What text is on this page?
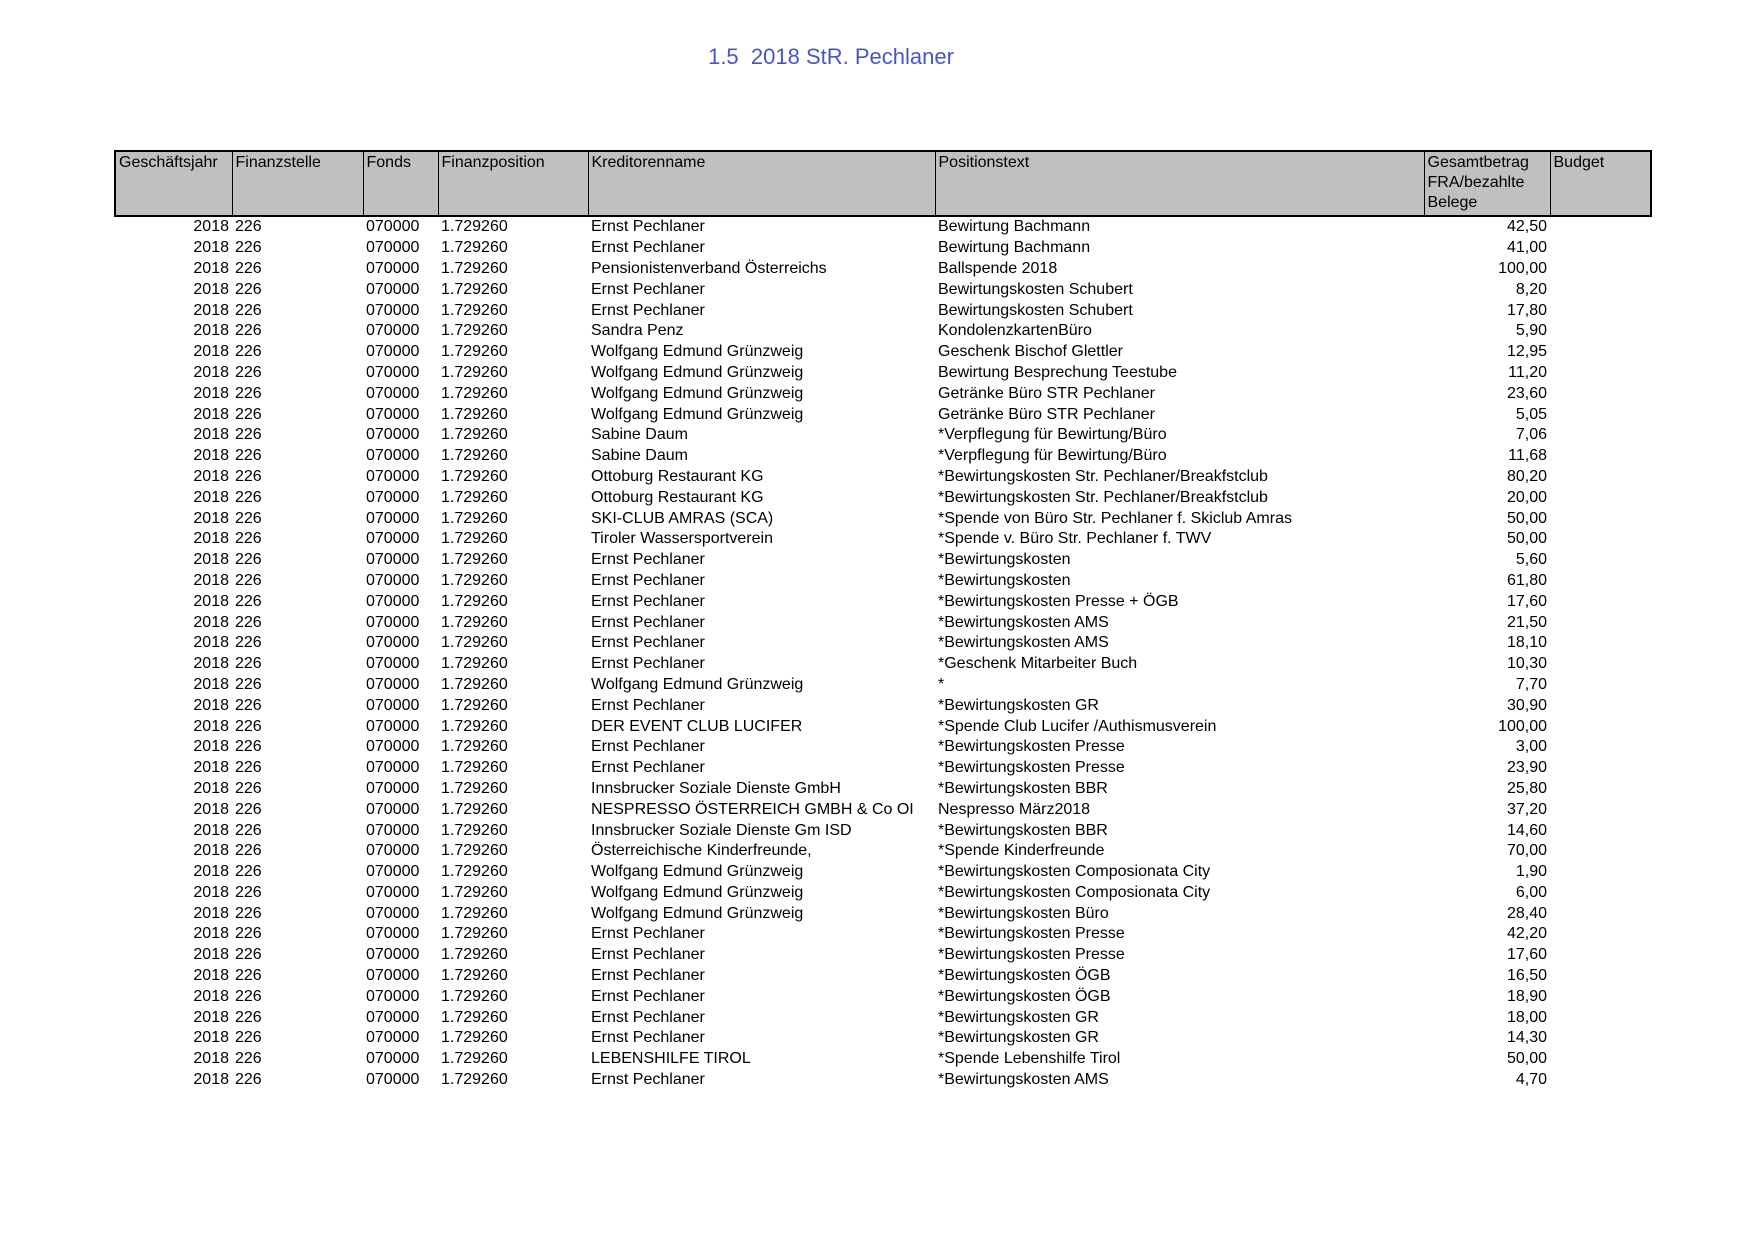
1.5  2018 StR. Pechlaner
Geschäftsjahr	Finanzstelle	Fonds	Finanzposition	Kreditorenname	Positionstext	Gesamtbetrag FRA/bezahlte Belege	Budget
2018	226	070000	1.729260	Ernst Pechlaner	Bewirtung Bachmann	42,50	
2018	226	070000	1.729260	Ernst Pechlaner	Bewirtung Bachmann	41,00	
2018	226	070000	1.729260	Pensionistenverband Österreichs	Ballspende 2018	100,00	
2018	226	070000	1.729260	Ernst Pechlaner	Bewirtungskosten Schubert	8,20	
2018	226	070000	1.729260	Ernst Pechlaner	Bewirtungskosten Schubert	17,80	
2018	226	070000	1.729260	Sandra Penz	KondolenzkartenBüro	5,90	
2018	226	070000	1.729260	Wolfgang Edmund Grünzweig	Geschenk Bischof Glettler	12,95	
2018	226	070000	1.729260	Wolfgang Edmund Grünzweig	Bewirtung Besprechung Teestube	11,20	
2018	226	070000	1.729260	Wolfgang Edmund Grünzweig	Getränke Büro STR Pechlaner	23,60	
2018	226	070000	1.729260	Wolfgang Edmund Grünzweig	Getränke Büro STR Pechlaner	5,05	
2018	226	070000	1.729260	Sabine Daum	*Verpflegung für Bewirtung/Büro	7,06	
2018	226	070000	1.729260	Sabine Daum	*Verpflegung für Bewirtung/Büro	11,68	
2018	226	070000	1.729260	Ottoburg Restaurant KG	*Bewirtungskosten Str. Pechlaner/Breakfstclub	80,20	
2018	226	070000	1.729260	Ottoburg Restaurant KG	*Bewirtungskosten Str. Pechlaner/Breakfstclub	20,00	
2018	226	070000	1.729260	SKI-CLUB AMRAS (SCA)	*Spende von Büro Str. Pechlaner f. Skiclub Amras	50,00	
2018	226	070000	1.729260	Tiroler Wassersportverein	*Spende v. Büro Str. Pechlaner f. TWV	50,00	
2018	226	070000	1.729260	Ernst Pechlaner	*Bewirtungskosten	5,60	
2018	226	070000	1.729260	Ernst Pechlaner	*Bewirtungskosten	61,80	
2018	226	070000	1.729260	Ernst Pechlaner	*Bewirtungskosten Presse + ÖGB	17,60	
2018	226	070000	1.729260	Ernst Pechlaner	*Bewirtungskosten AMS	21,50	
2018	226	070000	1.729260	Ernst Pechlaner	*Bewirtungskosten AMS	18,10	
2018	226	070000	1.729260	Ernst Pechlaner	*Geschenk Mitarbeiter Buch	10,30	
2018	226	070000	1.729260	Wolfgang Edmund Grünzweig	*	7,70	
2018	226	070000	1.729260	Ernst Pechlaner	*Bewirtungskosten GR	30,90	
2018	226	070000	1.729260	DER EVENT CLUB LUCIFER	*Spende Club Lucifer /Authismusverein	100,00	
2018	226	070000	1.729260	Ernst Pechlaner	*Bewirtungskosten Presse	3,00	
2018	226	070000	1.729260	Ernst Pechlaner	*Bewirtungskosten Presse	23,90	
2018	226	070000	1.729260	Innsbrucker Soziale Dienste GmbH	*Bewirtungskosten BBR	25,80	
2018	226	070000	1.729260	NESPRESSO ÖSTERREICH GMBH & Co OI	Nespresso März2018	37,20	
2018	226	070000	1.729260	Innsbrucker Soziale Dienste Gm ISD	*Bewirtungskosten BBR	14,60	
2018	226	070000	1.729260	Österreichische Kinderfreunde,	*Spende Kinderfreunde	70,00	
2018	226	070000	1.729260	Wolfgang Edmund Grünzweig	*Bewirtungskosten Composionata City	1,90	
2018	226	070000	1.729260	Wolfgang Edmund Grünzweig	*Bewirtungskosten Composionata City	6,00	
2018	226	070000	1.729260	Wolfgang Edmund Grünzweig	*Bewirtungskosten Büro	28,40	
2018	226	070000	1.729260	Ernst Pechlaner	*Bewirtungskosten Presse	42,20	
2018	226	070000	1.729260	Ernst Pechlaner	*Bewirtungskosten Presse	17,60	
2018	226	070000	1.729260	Ernst Pechlaner	*Bewirtungskosten ÖGB	16,50	
2018	226	070000	1.729260	Ernst Pechlaner	*Bewirtungskosten ÖGB	18,90	
2018	226	070000	1.729260	Ernst Pechlaner	*Bewirtungskosten GR	18,00	
2018	226	070000	1.729260	Ernst Pechlaner	*Bewirtungskosten GR	14,30	
2018	226	070000	1.729260	LEBENSHILFE TIROL	*Spende Lebenshilfe Tirol	50,00	
2018	226	070000	1.729260	Ernst Pechlaner	*Bewirtungskosten AMS	4,70	
